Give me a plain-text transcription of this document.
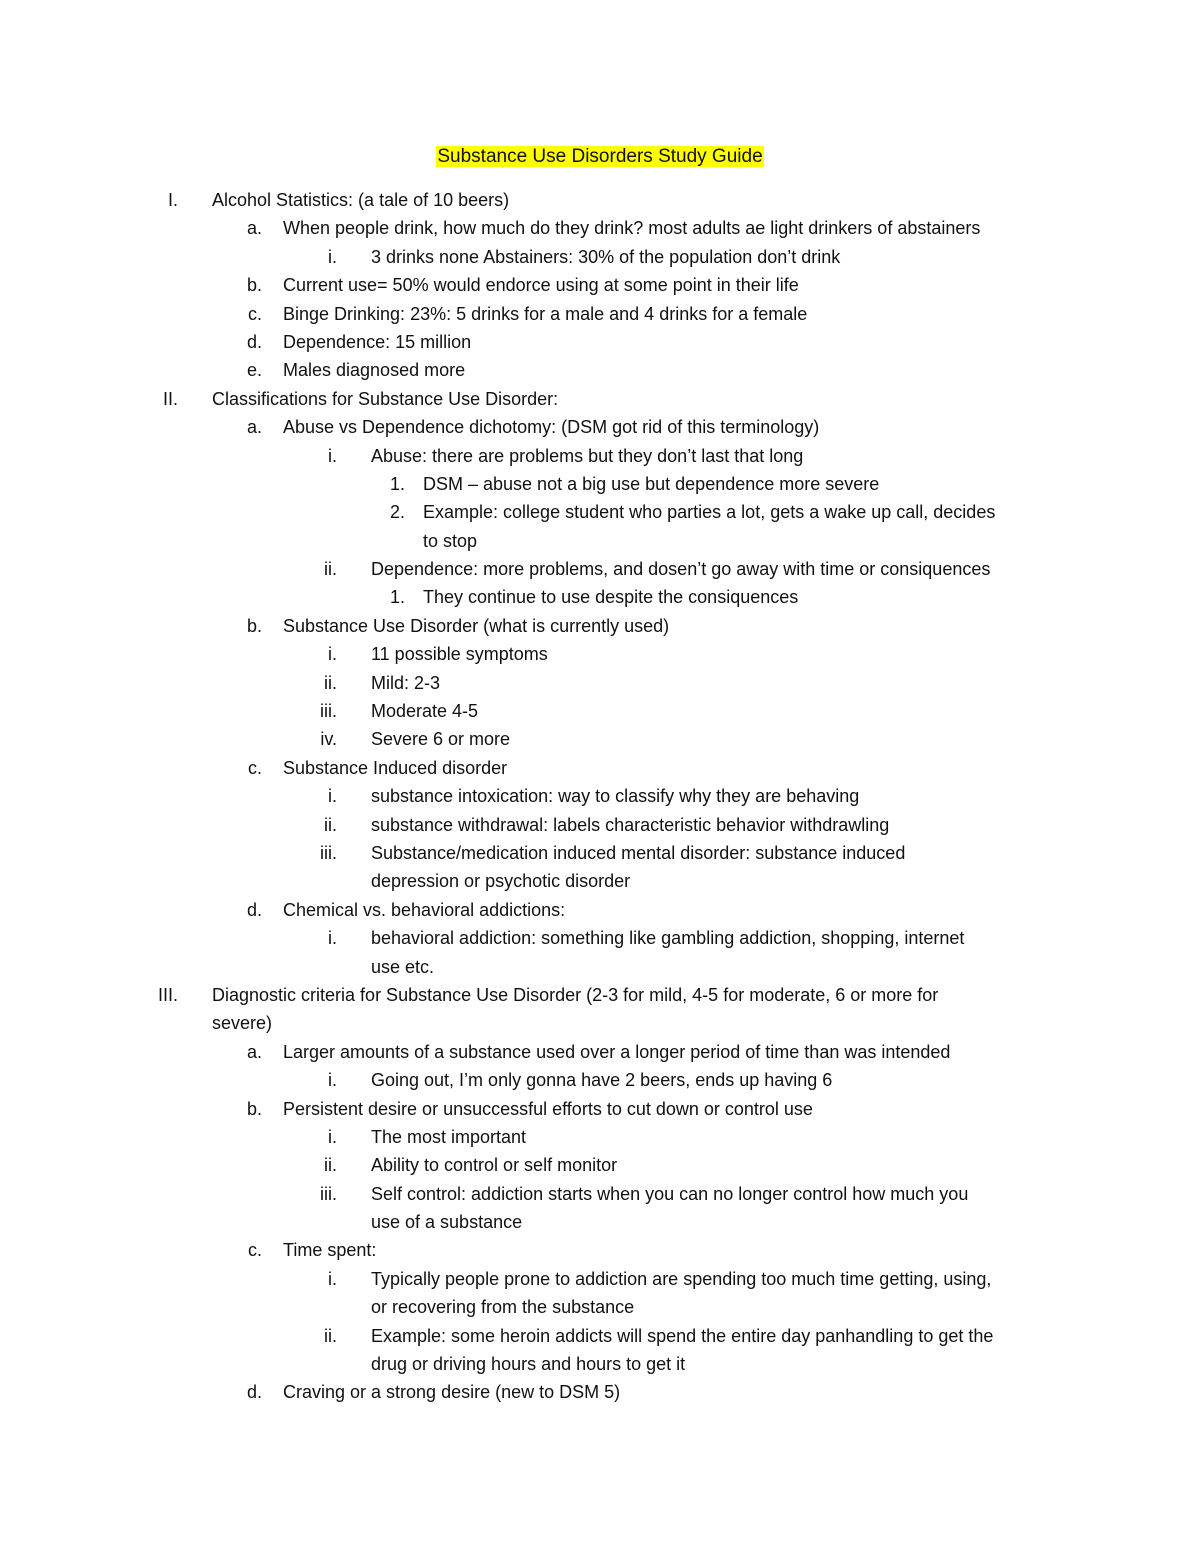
Substance Use Disorders Study Guide
I. Alcohol Statistics: (a tale of 10 beers)
a. When people drink, how much do they drink? most adults ae light drinkers of abstainers
i. 3 drinks none Abstainers: 30% of the population don’t drink
b. Current use= 50% would endorce using at some point in their life
c. Binge Drinking: 23%: 5 drinks for a male and 4 drinks for a female
d. Dependence: 15 million
e. Males diagnosed more
II. Classifications for Substance Use Disorder:
a. Abuse vs Dependence dichotomy: (DSM got rid of this terminology)
i. Abuse: there are problems but they don’t last that long
1. DSM – abuse not a big use but dependence more severe
2. Example: college student who parties a lot, gets a wake up call, decides
to stop
ii. Dependence: more problems, and dosen’t go away with time or consiquences
1. They continue to use despite the consiquences
b. Substance Use Disorder (what is currently used)
i. 11 possible symptoms
ii. Mild: 2-3
iii. Moderate 4-5
iv. Severe 6 or more
c. Substance Induced disorder
i. substance intoxication: way to classify why they are behaving
ii. substance withdrawal: labels characteristic behavior withdrawling
iii. Substance/medication induced mental disorder: substance induced
depression or psychotic disorder
d. Chemical vs. behavioral addictions:
i. behavioral addiction: something like gambling addiction, shopping, internet
use etc.
III. Diagnostic criteria for Substance Use Disorder (2-3 for mild, 4-5 for moderate, 6 or more for
severe)
a. Larger amounts of a substance used over a longer period of time than was intended
i. Going out, I’m only gonna have 2 beers, ends up having 6
b. Persistent desire or unsuccessful efforts to cut down or control use
i. The most important
ii. Ability to control or self monitor
iii. Self control: addiction starts when you can no longer control how much you
use of a substance
c. Time spent:
i. Typically people prone to addiction are spending too much time getting, using,
or recovering from the substance
ii. Example: some heroin addicts will spend the entire day panhandling to get the
drug or driving hours and hours to get it
d. Craving or a strong desire (new to DSM 5)
